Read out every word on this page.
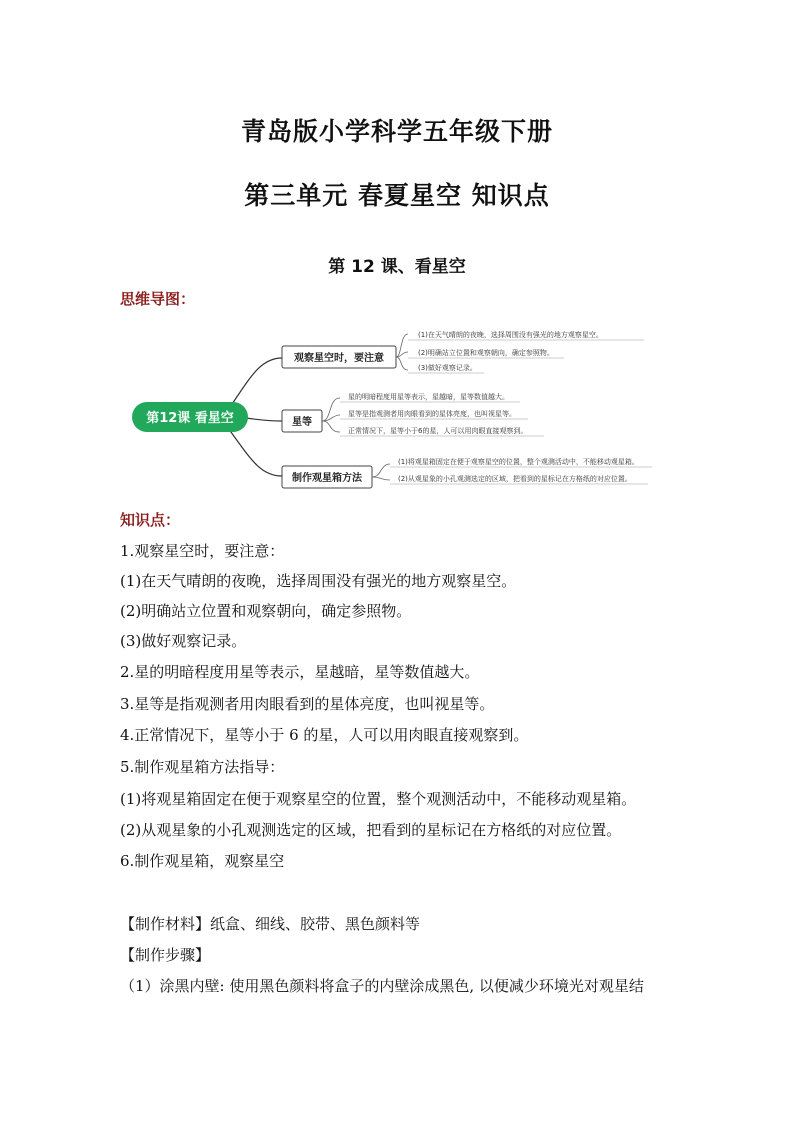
青岛版小学科学五年级下册
第三单元 春夏星空 知识点
第 12 课、看星空
思维导图：
第12课 看星空
观察星空时，要注意
(1)在天气晴朗的夜晚，选择周围没有强光的地方观察星空。
(2)明确站立位置和观察朝向，确定参照物。
(3)做好观察记录。
星等
星的明暗程度用星等表示，星越暗，星等数值越大。
星等是指观测者用肉眼看到的星体亮度，也叫视星等。
正常情况下，星等小于6的星，人可以用肉眼直接观察到。
制作观星箱方法
(1)将观星箱固定在便于观察星空的位置，整个观测活动中，不能移动观星箱。
(2)从观星象的小孔观测选定的区域，把看到的星标记在方格纸的对应位置。
知识点：
1.观察星空时，要注意：
(1)在天气晴朗的夜晚，选择周围没有强光的地方观察星空。
(2)明确站立位置和观察朝向，确定参照物。
(3)做好观察记录。
2.星的明暗程度用星等表示，星越暗，星等数值越大。
3.星等是指观测者用肉眼看到的星体亮度，也叫视星等。
4.正常情况下，星等小于 6 的星，人可以用肉眼直接观察到。
5.制作观星箱方法指导：
(1)将观星箱固定在便于观察星空的位置，整个观测活动中，不能移动观星箱。
(2)从观星象的小孔观测选定的区域，把看到的星标记在方格纸的对应位置。
6.制作观星箱，观察星空
【制作材料】纸盒、细线、胶带、黑色颜料等
【制作步骤】
（1）涂黑内壁: 使用黑色颜料将盒子的内壁涂成黑色, 以便减少环境光对观星结
